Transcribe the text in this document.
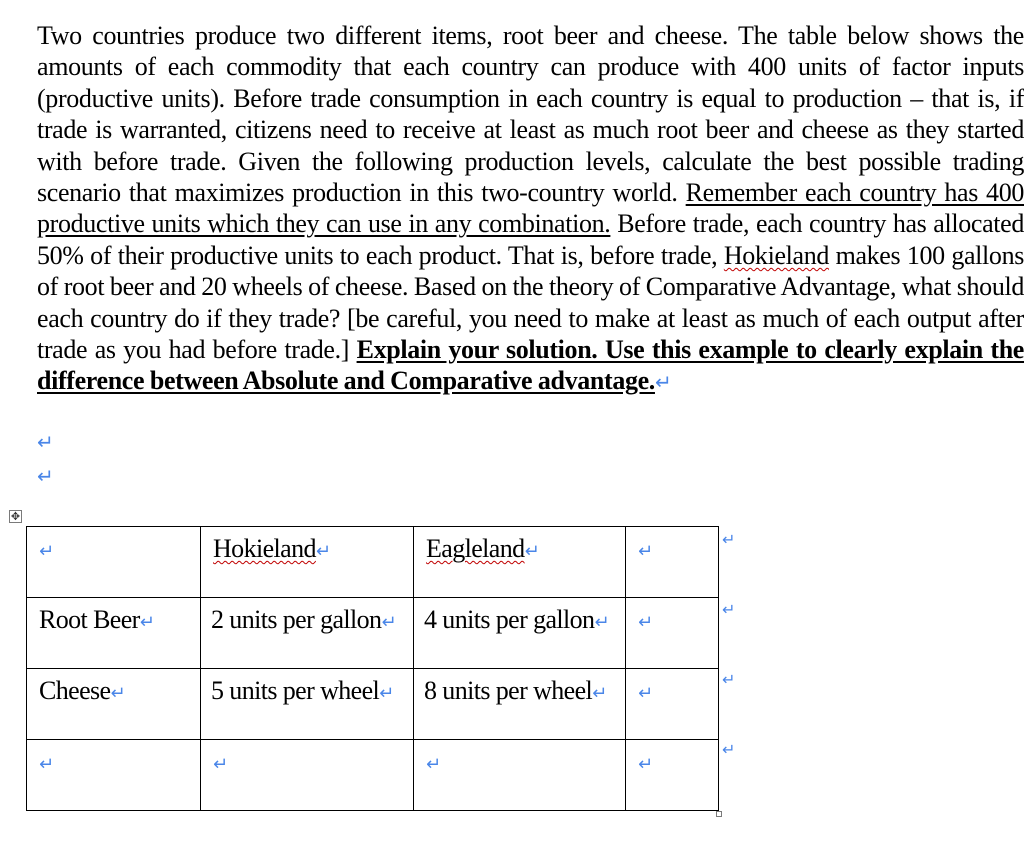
Two countries produce two different items, root beer and cheese. The table below shows the amounts of each commodity that each country can produce with 400 units of factor inputs (productive units). Before trade consumption in each country is equal to production – that is, if trade is warranted, citizens need to receive at least as much root beer and cheese as they started with before trade. Given the following production levels, calculate the best possible trading scenario that maximizes production in this two-country world. Remember each country has 400 productive units which they can use in any combination. Before trade, each country has allocated 50% of their productive units to each product. That is, before trade, Hokieland makes 100 gallons of root beer and 20 wheels of cheese. Based on the theory of Comparative Advantage, what should each country do if they trade? [be careful, you need to make at least as much of each output after trade as you had before trade.] Explain your solution. Use this example to clearly explain the difference between Absolute and Comparative advantage.↵
↵
↵
✥
↵	Hokieland↵	Eagleland↵	↵

Root Beer↵	2 units per gallon↵	4 units per gallon↵	↵

Cheese↵	5 units per wheel↵	8 units per wheel↵	↵

↵	↵	↵	↵
↵
↵
↵
↵
